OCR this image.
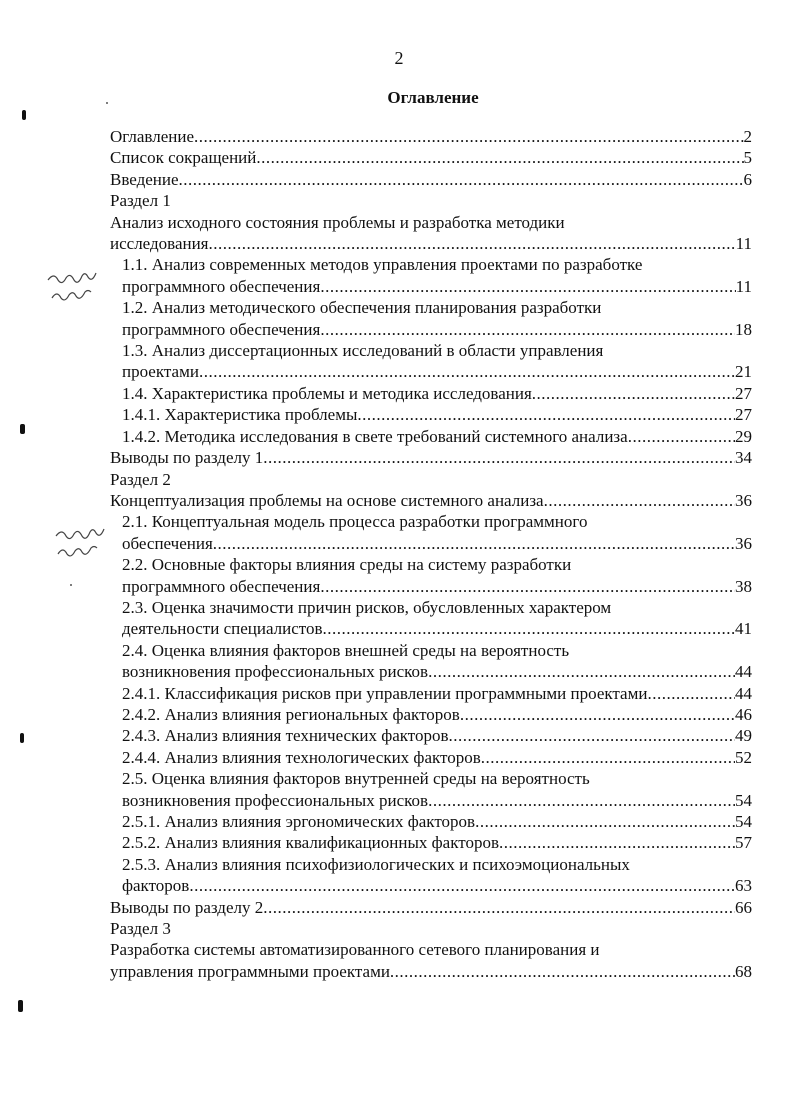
2
Оглавление
Оглавление .....	2
Список сокращений .....	5
Введение .....	6
Раздел 1
Анализ исходного состояния проблемы и разработка методики
исследования .....	11
1.1. Анализ современных методов управления проектами по разработке
программного обеспечения .....	11
1.2. Анализ методического обеспечения планирования разработки
программного обеспечения .....	18
1.3. Анализ диссертационных исследований в области управления
проектами .....	21
1.4. Характеристика проблемы и методика исследования .....	27
1.4.1. Характеристика проблемы .....	27
1.4.2. Методика исследования в свете требований системного анализа .....	29
Выводы по разделу 1 .....	34
Раздел 2
Концептуализация проблемы на основе системного анализа .....	36
2.1. Концептуальная модель процесса разработки программного
обеспечения .....	36
2.2. Основные факторы влияния среды на систему разработки
программного обеспечения .....	38
2.3. Оценка значимости причин рисков, обусловленных характером
деятельности специалистов .....	41
2.4. Оценка влияния факторов внешней среды на вероятность
возникновения профессиональных рисков .....	44
2.4.1. Классификация рисков при управлении программными проектами .....	44
2.4.2. Анализ влияния региональных факторов .....	46
2.4.3. Анализ влияния технических факторов .....	49
2.4.4. Анализ влияния технологических факторов .....	52
2.5. Оценка влияния факторов внутренней среды на вероятность
возникновения профессиональных рисков .....	54
2.5.1. Анализ влияния эргономических факторов .....	54
2.5.2. Анализ влияния квалификационных факторов .....	57
2.5.3. Анализ влияния психофизиологических и психоэмоциональных
факторов .....	63
Выводы по разделу 2 .....	66
Раздел 3
Разработка системы автоматизированного сетевого планирования и
управления программными проектами .....	68
